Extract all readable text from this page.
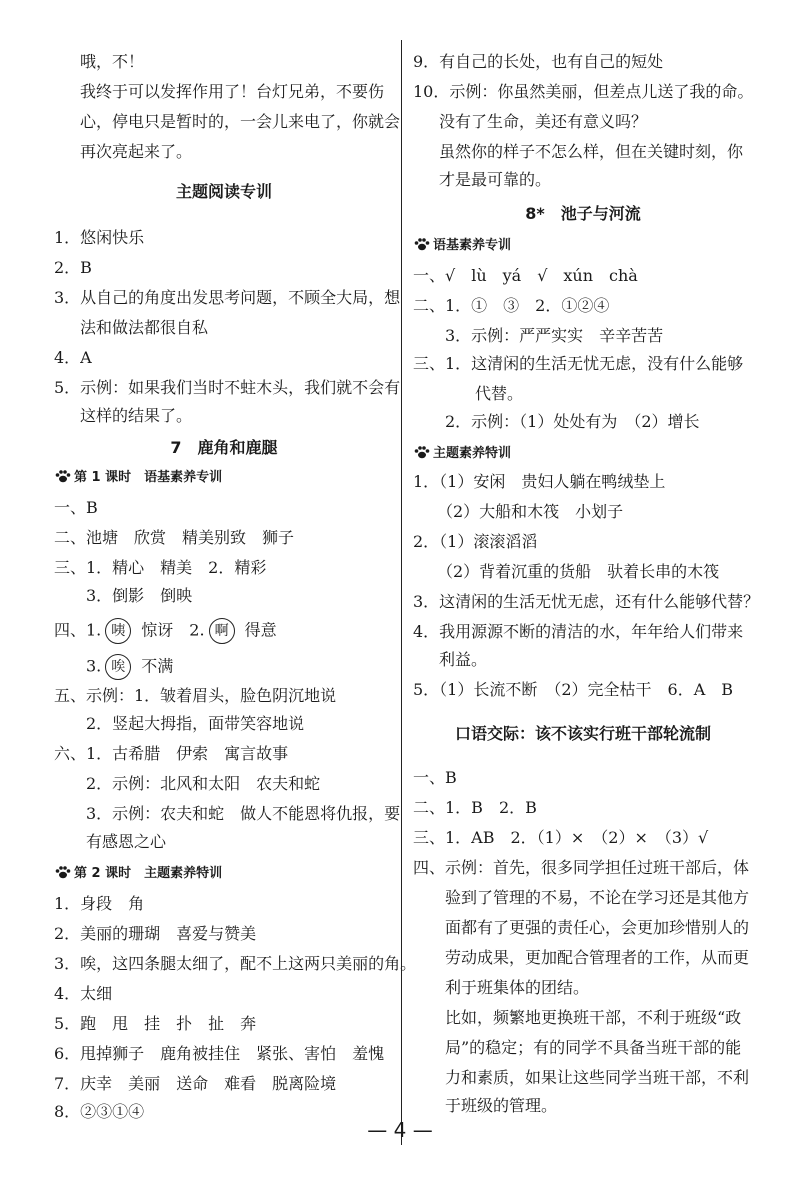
哦，不！
我终于可以发挥作用了！台灯兄弟，不要伤
心，停电只是暂时的，一会儿来电了，你就会
再次亮起来了。
主题阅读专训
1．悠闲快乐
2．B
3．从自己的角度出发思考问题，不顾全大局，想
法和做法都很自私
4．A
5．示例：如果我们当时不蛀木头，我们就不会有
这样的结果了。
7　鹿角和鹿腿
第 1 课时　语基素养专训
一、B
二、池塘　欣赏　精美别致　狮子
三、1．精心　精美　2．精彩
3．倒影　倒映
四、1. 咦 惊讶　2. 啊 得意
3. 唉 不满
五、示例：1．皱着眉头，脸色阴沉地说
2．竖起大拇指，面带笑容地说
六、1．古希腊　伊索　寓言故事
2．示例：北风和太阳　农夫和蛇
3．示例：农夫和蛇　做人不能恩将仇报，要
有感恩之心
第 2 课时　主题素养特训
1．身段　角
2．美丽的珊瑚　喜爱与赞美
3．唉，这四条腿太细了，配不上这两只美丽的角。
4．太细
5．跑　甩　挂　扑　扯　奔
6．甩掉狮子　鹿角被挂住　紧张、害怕　羞愧
7．庆幸　美丽　送命　难看　脱离险境
8．②③①④
9．有自己的长处，也有自己的短处
10．示例：你虽然美丽，但差点儿送了我的命。
没有了生命，美还有意义吗？
虽然你的样子不怎么样，但在关键时刻，你
才是最可靠的。
8*　池子与河流
语基素养专训
一、√　lù　yá　√　xún　chà
二、1．①　③　2．①②④
3．示例：严严实实　辛辛苦苦
三、1．这清闲的生活无忧无虑，没有什么能够
代替。
2．示例：（1）处处有为　（2）增长
主题素养特训
1．（1）安闲　贵妇人躺在鸭绒垫上
（2）大船和木筏　小划子
2．（1）滚滚滔滔
（2）背着沉重的货船　驮着长串的木筏
3．这清闲的生活无忧无虑，还有什么能够代替？
4．我用源源不断的清洁的水，年年给人们带来
利益。
5．（1）长流不断　（2）完全枯干　6．A　B
口语交际：该不该实行班干部轮流制
一、B
二、1．B　2．B
三、1．AB　2．（1）×　（2）×　（3）√
四、示例：首先，很多同学担任过班干部后，体
验到了管理的不易，不论在学习还是其他方
面都有了更强的责任心，会更加珍惜别人的
劳动成果，更加配合管理者的工作，从而更
利于班集体的团结。
比如，频繁地更换班干部，不利于班级“政
局”的稳定；有的同学不具备当班干部的能
力和素质，如果让这些同学当班干部，不利
于班级的管理。
— 4 —
